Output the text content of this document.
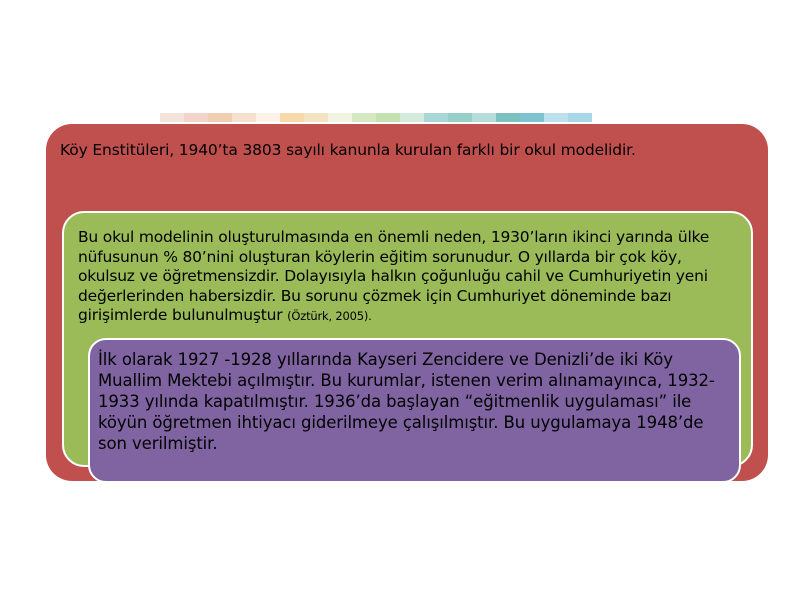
Köy Enstitüleri, 1940’ta 3803 sayılı kanunla kurulan farklı bir okul modelidir.
Bu okul modelinin oluşturulmasında en önemli neden, 1930’ların ikinci yarında ülke nüfusunun % 80’nini oluşturan köylerin eğitim sorunudur. O yıllarda bir çok köy, okulsuz ve öğretmensizdir. Dolayısıyla halkın çoğunluğu cahil ve Cumhuriyetin yeni değerlerinden habersizdir. Bu sorunu çözmek için Cumhuriyet döneminde bazı girişimlerde bulunulmuştur (Öztürk, 2005).
İlk olarak 1927 -1928 yıllarında Kayseri Zencidere ve Denizli’de iki Köy Muallim Mektebi açılmıştır. Bu kurumlar, istenen verim alınamayınca, 1932-1933 yılında kapatılmıştır. 1936’da başlayan “eğitmenlik uygulaması” ile köyün öğretmen ihtiyacı giderilmeye çalışılmıştır. Bu uygulamaya 1948’de son verilmiştir.
